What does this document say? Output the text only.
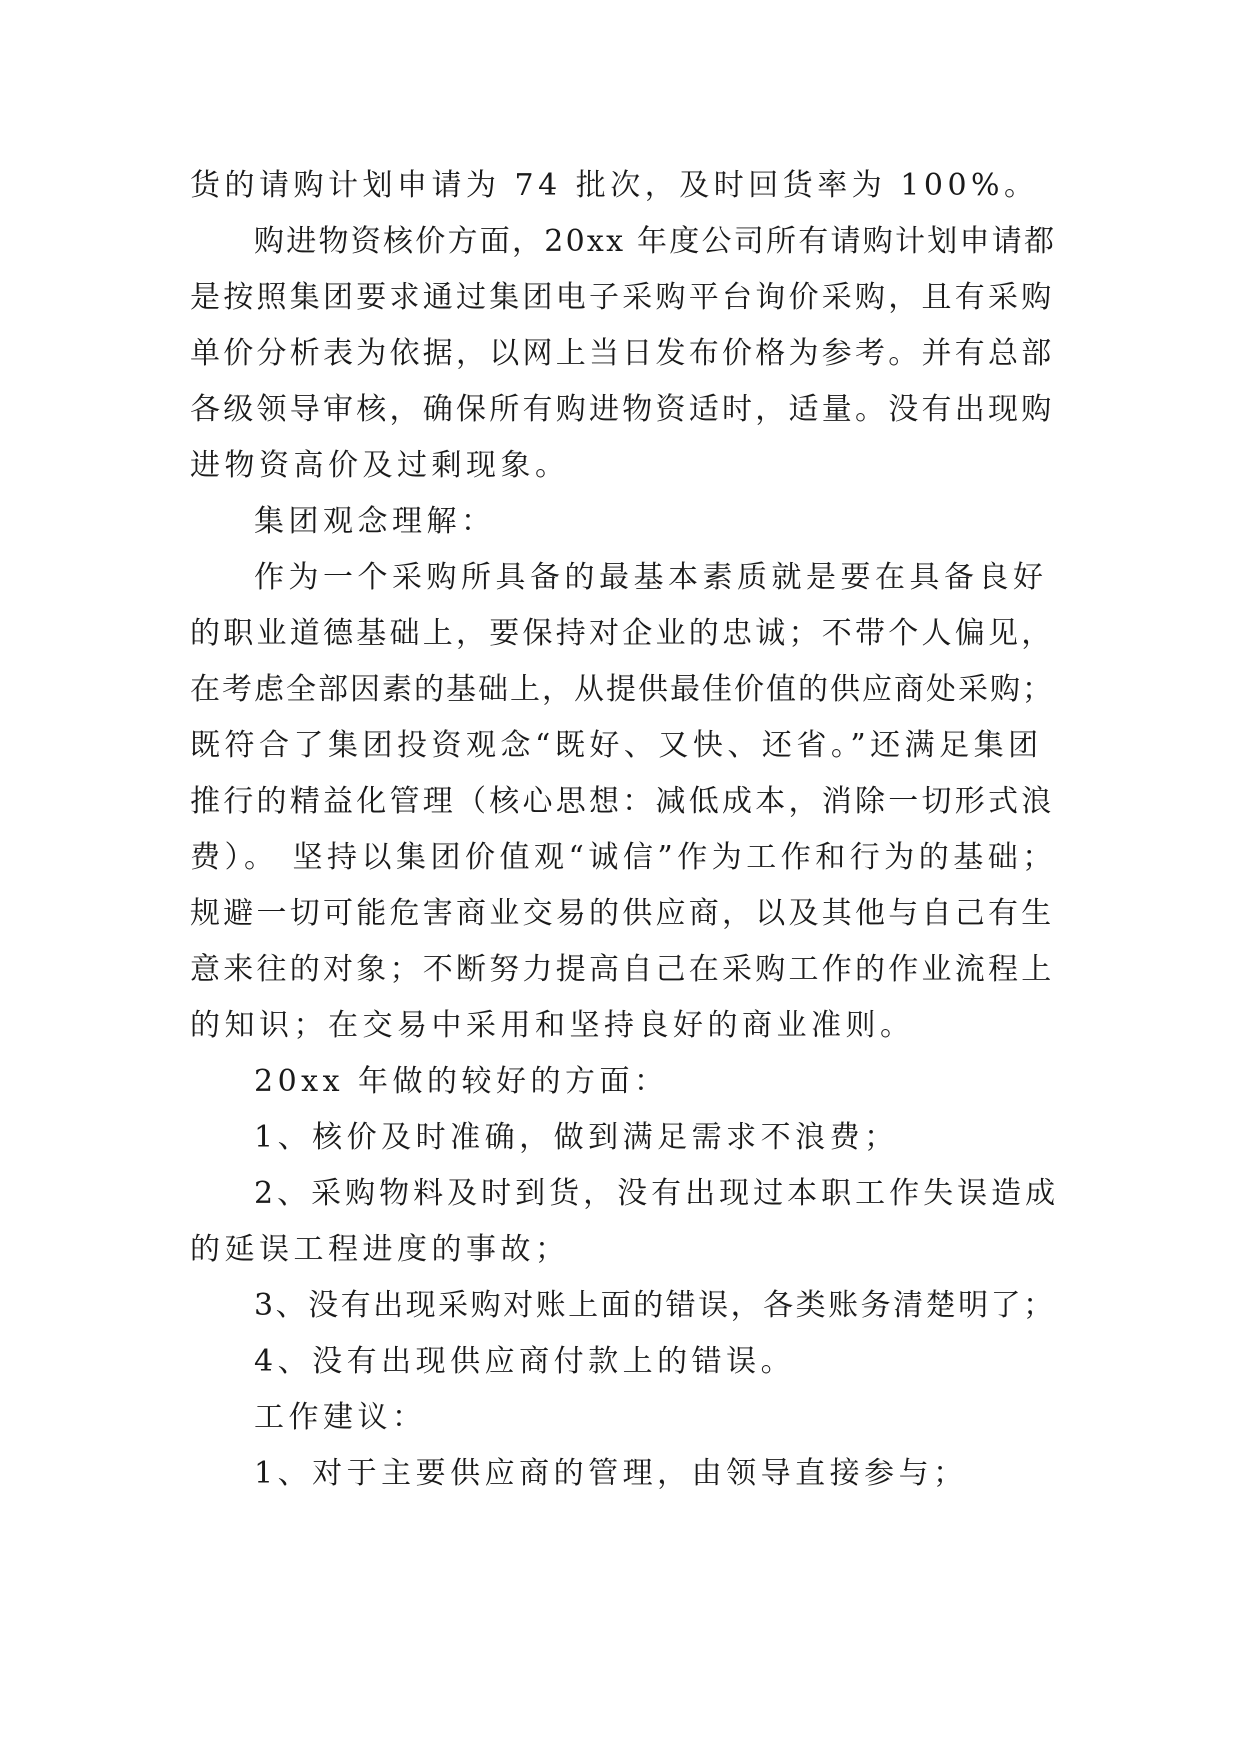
货的请购计划申请为 74 批次，及时回货率为 100%。
购进物资核价方面，20xx 年度公司所有请购计划申请都
是按照集团要求通过集团电子采购平台询价采购，且有采购
单价分析表为依据，以网上当日发布价格为参考。并有总部
各级领导审核，确保所有购进物资适时，适量。没有出现购
进物资高价及过剩现象。
集团观念理解：
作为一个采购所具备的最基本素质就是要在具备良好
的职业道德基础上，要保持对企业的忠诚；不带个人偏见，
在考虑全部因素的基础上，从提供最佳价值的供应商处采购；
既符合了集团投资观念“既好、又快、还省。”还满足集团
推行的精益化管理（核心思想：减低成本，消除一切形式浪
费）。 坚持以集团价值观“诚信”作为工作和行为的基础；
规避一切可能危害商业交易的供应商，以及其他与自己有生
意来往的对象；不断努力提高自己在采购工作的作业流程上
的知识；在交易中采用和坚持良好的商业准则。
20xx 年做的较好的方面：
1、核价及时准确，做到满足需求不浪费；
2、采购物料及时到货，没有出现过本职工作失误造成
的延误工程进度的事故；
3、没有出现采购对账上面的错误，各类账务清楚明了；
4、没有出现供应商付款上的错误。
工作建议：
1、对于主要供应商的管理，由领导直接参与；
